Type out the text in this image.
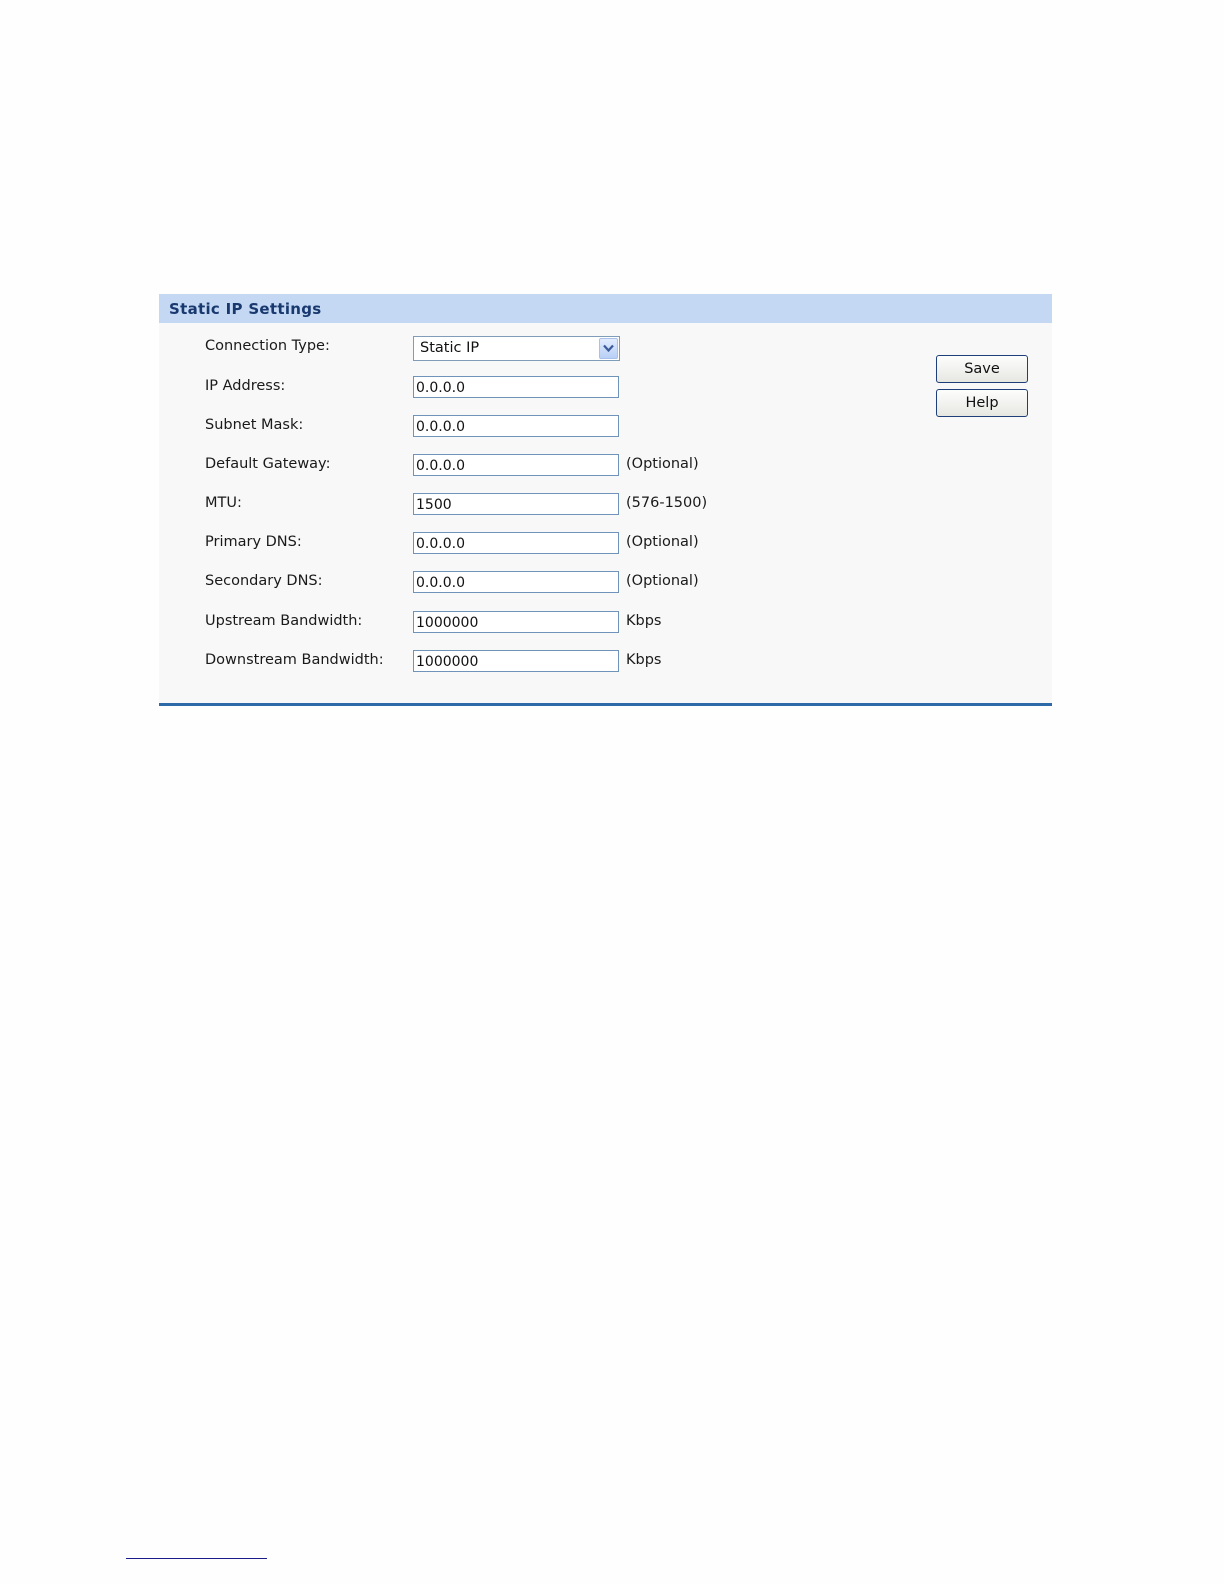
Static IP Settings
Connection Type:	Static IP
IP Address:
0.0.0.0
Subnet Mask:
0.0.0.0
Default Gateway:
0.0.0.0	(Optional)
MTU:
1500	(576-1500)
Primary DNS:
0.0.0.0	(Optional)
Secondary DNS:
0.0.0.0	(Optional)
Upstream Bandwidth:
1000000	Kbps
Downstream Bandwidth:
1000000	Kbps
Save
Help
